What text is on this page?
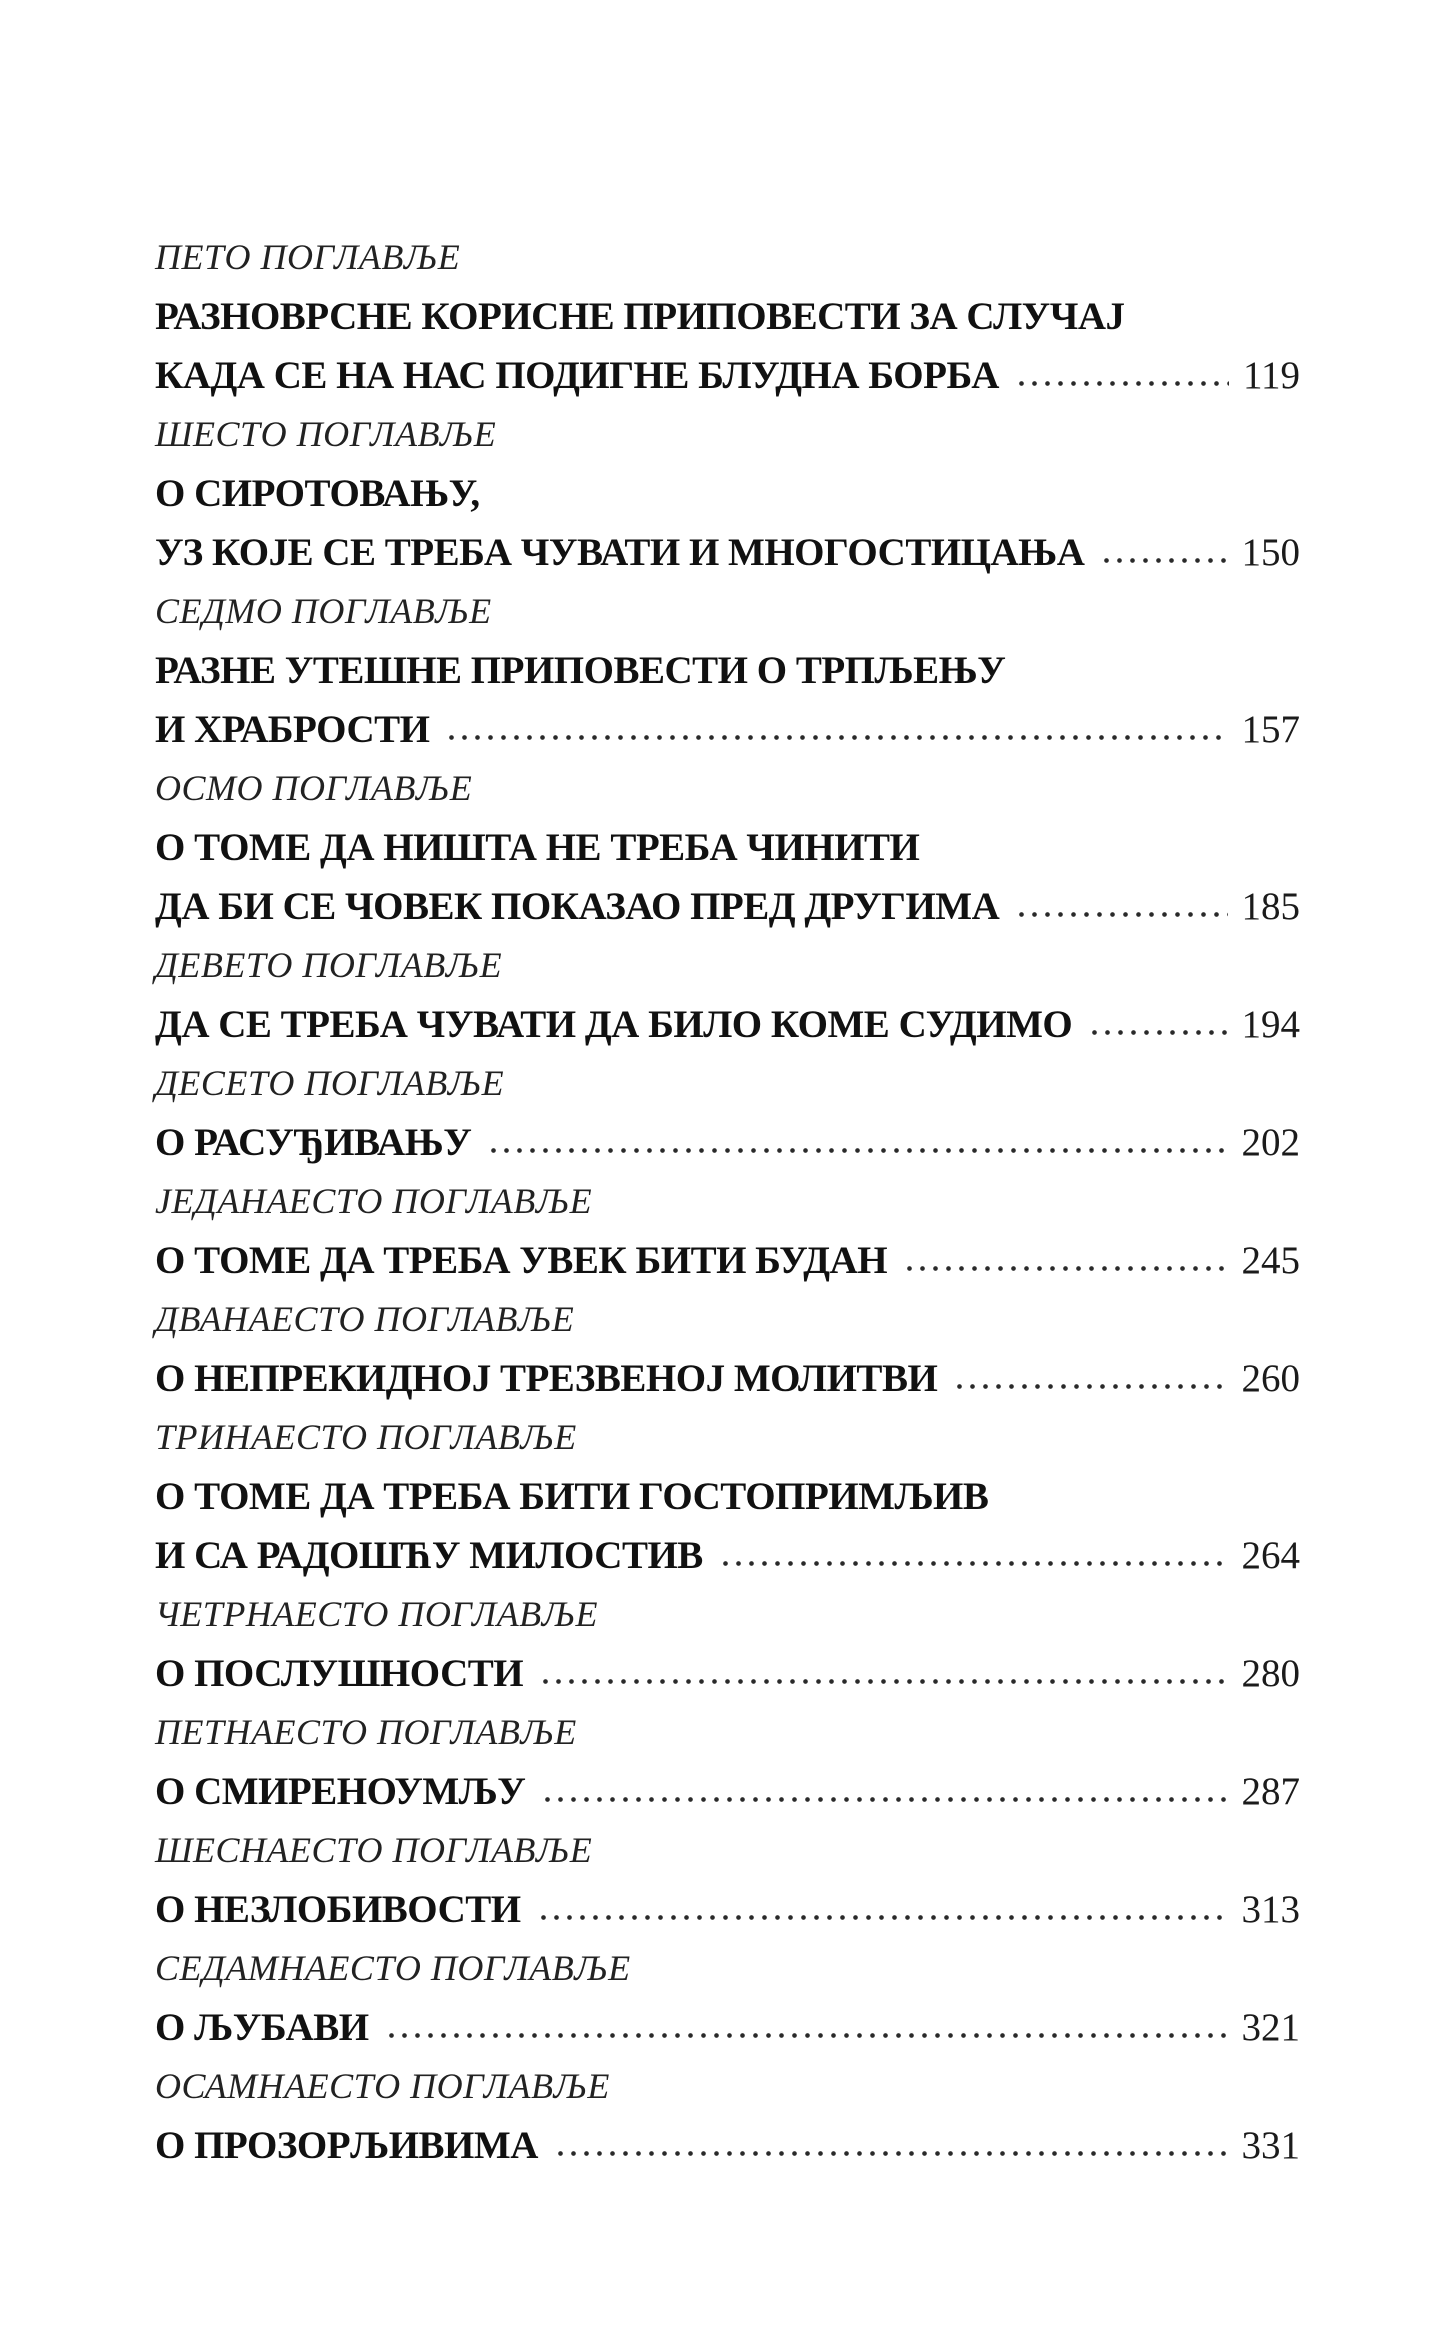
ПЕТО ПОГЛАВЉЕ
РАЗНОВРСНЕ КОРИСНЕ ПРИПОВЕСТИ ЗА СЛУЧАЈ
КАДА СЕ НА НАС ПОДИГНЕ БЛУДНА БОРБА	119
ШЕСТО ПОГЛАВЉЕ
О СИРОТОВАЊУ,
УЗ КОЈЕ СЕ ТРЕБА ЧУВАТИ И МНОГОСТИЦАЊА	150
СЕДМО ПОГЛАВЉЕ
РАЗНЕ УТЕШНЕ ПРИПОВЕСТИ О ТРПЉЕЊУ
И ХРАБРОСТИ	157
ОСМО ПОГЛАВЉЕ
О ТОМЕ ДА НИШТА НЕ ТРЕБА ЧИНИТИ
ДА БИ СЕ ЧОВЕК ПОКАЗАО ПРЕД ДРУГИМА	185
ДЕВЕТО ПОГЛАВЉЕ
ДА СЕ ТРЕБА ЧУВАТИ ДА БИЛО КОМЕ СУДИМО	194
ДЕСЕТО ПОГЛАВЉЕ
О РАСУЂИВАЊУ	202
ЈЕДАНАЕСТО ПОГЛАВЉЕ
О ТОМЕ ДА ТРЕБА УВЕК БИТИ БУДАН	245
ДВАНАЕСТО ПОГЛАВЉЕ
О НЕПРЕКИДНОЈ ТРЕЗВЕНОЈ МОЛИТВИ	260
ТРИНАЕСТО ПОГЛАВЉЕ
О ТОМЕ ДА ТРЕБА БИТИ ГОСТОПРИМЉИВ
И СА РАДОШЋУ МИЛОСТИВ	264
ЧЕТРНАЕСТО ПОГЛАВЉЕ
О ПОСЛУШНОСТИ	280
ПЕТНАЕСТО ПОГЛАВЉЕ
О СМИРЕНОУМЉУ	287
ШЕСНАЕСТО ПОГЛАВЉЕ
О НЕЗЛОБИВОСТИ	313
СЕДАМНАЕСТО ПОГЛАВЉЕ
О ЉУБАВИ	321
ОСАМНАЕСТО ПОГЛАВЉЕ
О ПРОЗОРЉИВИМА	331
